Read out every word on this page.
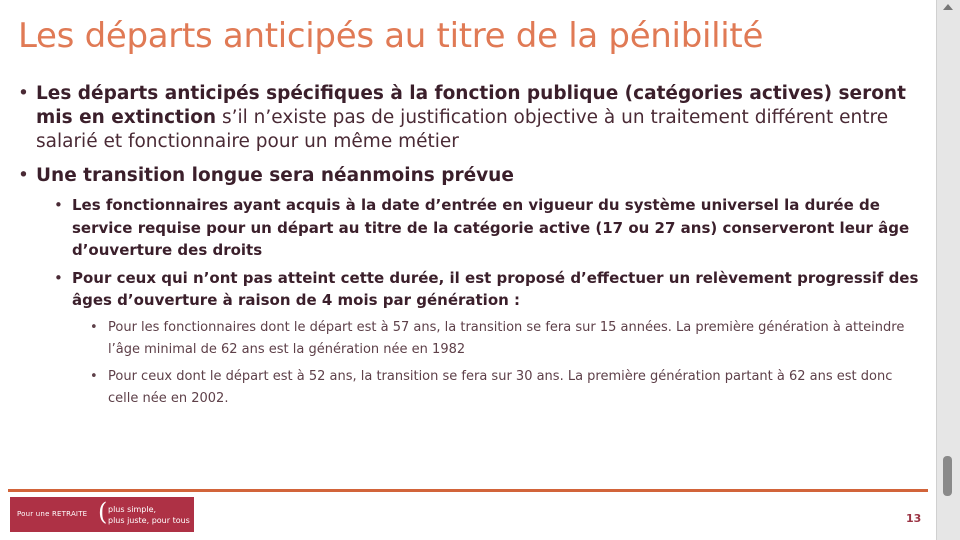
Les départs anticipés au titre de la pénibilité
• Les départs anticipés spécifiques à la fonction publique (catégories actives) seront mis en extinction s’il n’existe pas de justification objective à un traitement différent entre salarié et fonctionnaire pour un même métier
• Une transition longue sera néanmoins prévue
• Les fonctionnaires ayant acquis à la date d’entrée en vigueur du système universel la durée de service requise pour un départ au titre de la catégorie active (17 ou 27 ans) conserveront leur âge d’ouverture des droits
• Pour ceux qui n’ont pas atteint cette durée, il est proposé d’effectuer un relèvement progressif des âges d’ouverture à raison de 4 mois par génération :
• Pour les fonctionnaires dont le départ est à 57 ans, la transition se fera sur 15 années. La première génération à atteindre l’âge minimal de 62 ans est la génération née en 1982
• Pour ceux dont le départ est à 52 ans, la transition se fera sur 30 ans. La première génération partant à 62 ans est donc celle née en 2002.
Pour une RETRAITE ( plus simple,
plus juste, pour tous	13
